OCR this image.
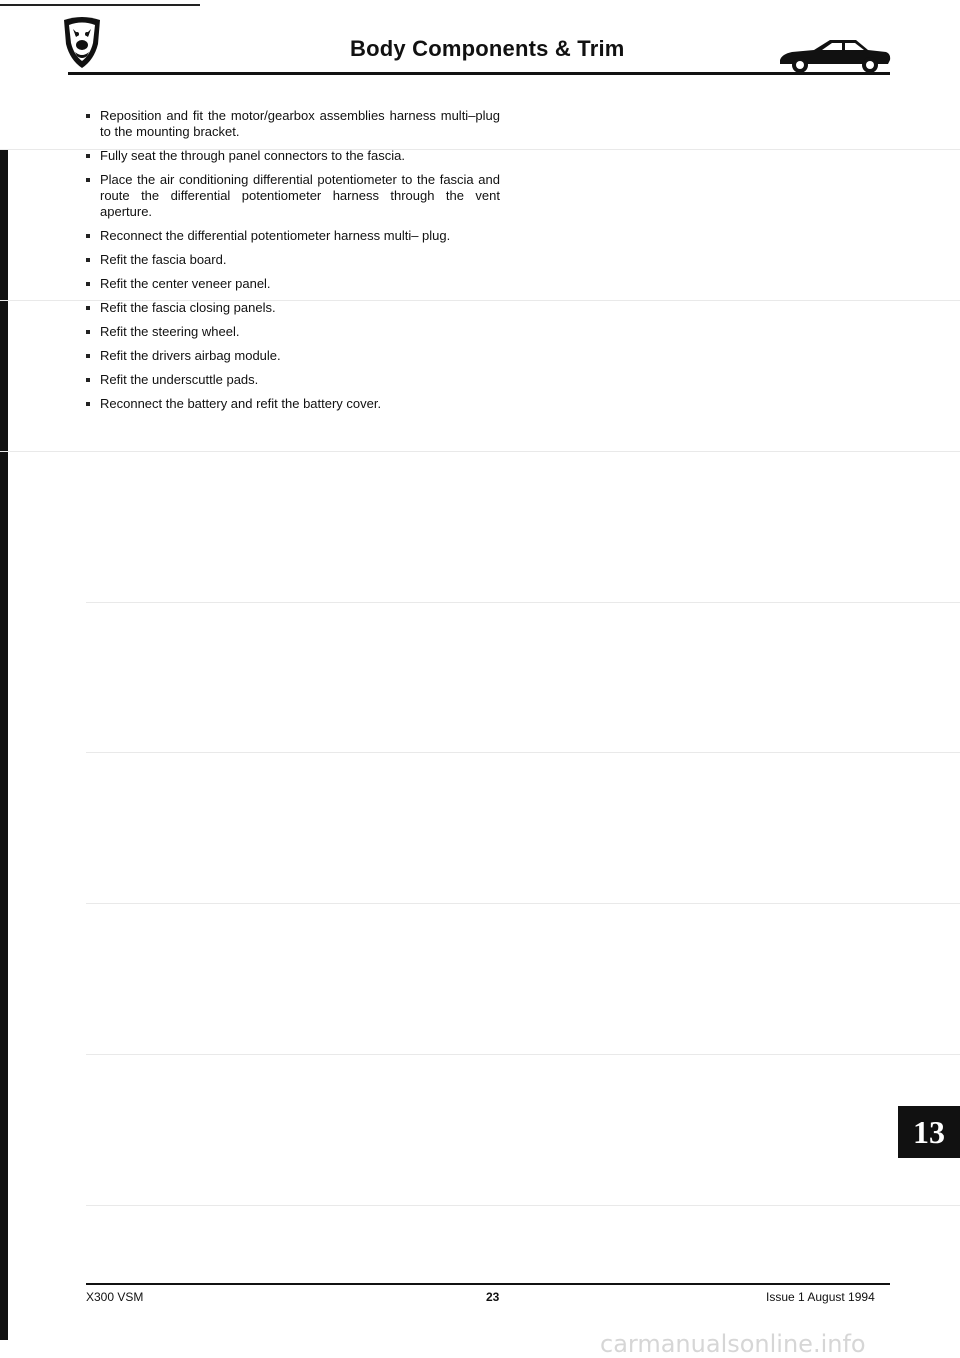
Body Components & Trim
Reposition and fit the motor/gearbox assemblies harness multi–plug to the mounting bracket.
Fully seat the through panel connectors to the fascia.
Place the air conditioning differential potentiometer to the fascia and route the differential potentiometer harness through the vent aperture.
Reconnect the differential potentiometer harness multi– plug.
Refit the fascia board.
Refit the center veneer panel.
Refit the fascia closing panels.
Refit the steering wheel.
Refit the drivers airbag module.
Refit the underscuttle pads.
Reconnect the battery and refit the battery cover.
13
X300 VSM	23	Issue 1 August 1994
carmanualsonline.info
